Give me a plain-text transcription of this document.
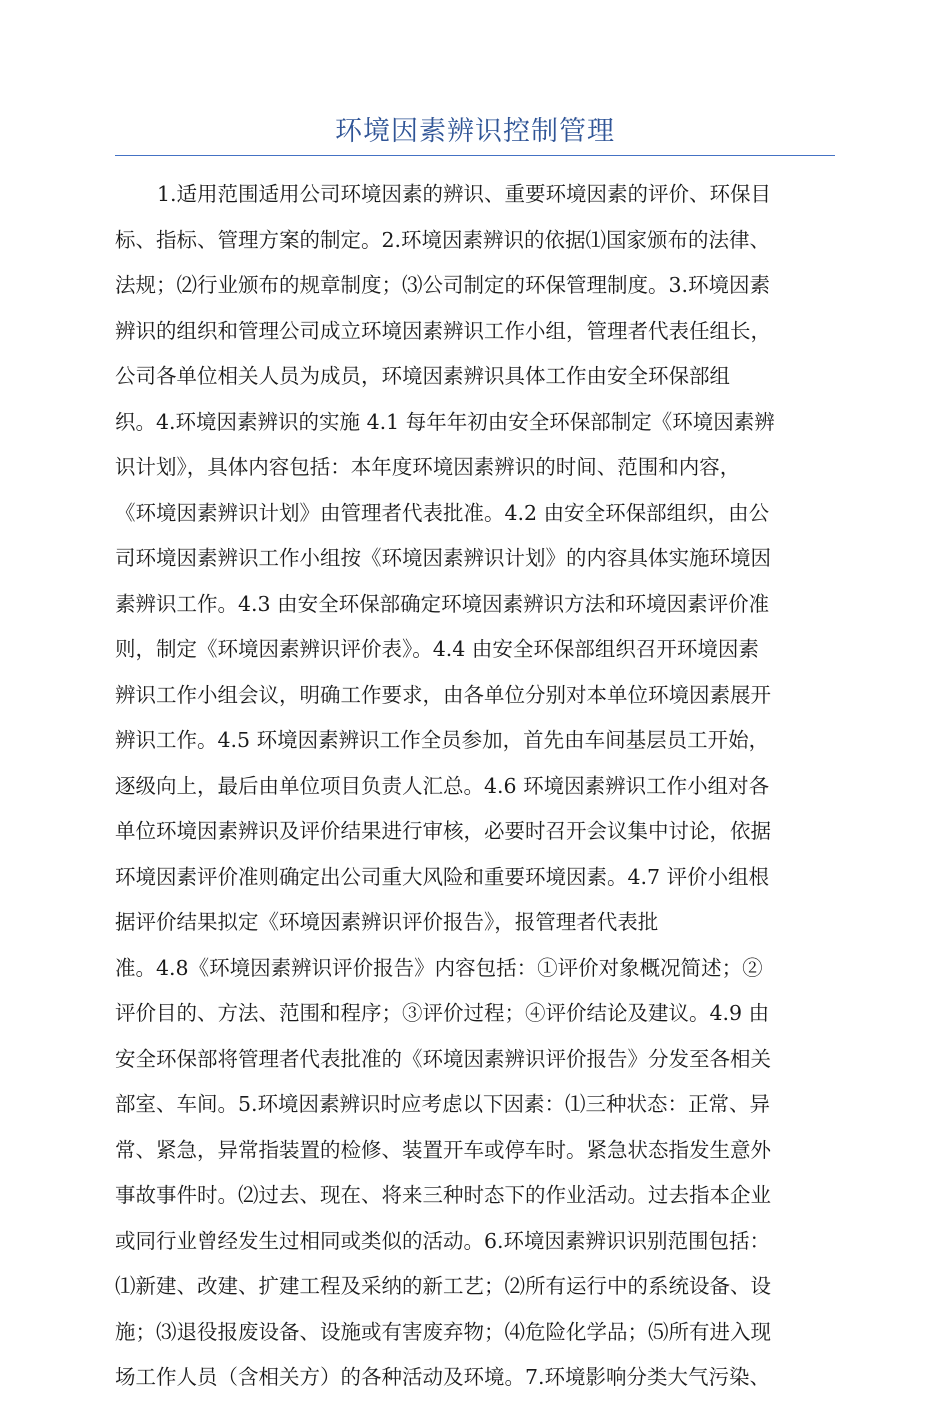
环境因素辨识控制管理
1.适用范围适用公司环境因素的辨识、重要环境因素的评价、环保目
标、指标、管理方案的制定。2.环境因素辨识的依据⑴国家颁布的法律、
法规；⑵行业颁布的规章制度；⑶公司制定的环保管理制度。3.环境因素
辨识的组织和管理公司成立环境因素辨识工作小组，管理者代表任组长，
公司各单位相关人员为成员，环境因素辨识具体工作由安全环保部组
织。4.环境因素辨识的实施 4.1 每年年初由安全环保部制定《环境因素辨
识计划》，具体内容包括：本年度环境因素辨识的时间、范围和内容，
《环境因素辨识计划》由管理者代表批准。4.2 由安全环保部组织，由公
司环境因素辨识工作小组按《环境因素辨识计划》的内容具体实施环境因
素辨识工作。4.3 由安全环保部确定环境因素辨识方法和环境因素评价准
则，制定《环境因素辨识评价表》。4.4 由安全环保部组织召开环境因素
辨识工作小组会议，明确工作要求，由各单位分别对本单位环境因素展开
辨识工作。4.5 环境因素辨识工作全员参加，首先由车间基层员工开始，
逐级向上，最后由单位项目负责人汇总。4.6 环境因素辨识工作小组对各
单位环境因素辨识及评价结果进行审核，必要时召开会议集中讨论，依据
环境因素评价准则确定出公司重大风险和重要环境因素。4.7 评价小组根
据评价结果拟定《环境因素辨识评价报告》，报管理者代表批
准。4.8《环境因素辨识评价报告》内容包括：①评价对象概况简述；②
评价目的、方法、范围和程序；③评价过程；④评价结论及建议。4.9 由
安全环保部将管理者代表批准的《环境因素辨识评价报告》分发至各相关
部室、车间。5.环境因素辨识时应考虑以下因素：⑴三种状态：正常、异
常、紧急，异常指装置的检修、装置开车或停车时。紧急状态指发生意外
事故事件时。⑵过去、现在、将来三种时态下的作业活动。过去指本企业
或同行业曾经发生过相同或类似的活动。6.环境因素辨识识别范围包括：
⑴新建、改建、扩建工程及采纳的新工艺；⑵所有运行中的系统设备、设
施；⑶退役报废设备、设施或有害废弃物；⑷危险化学品；⑸所有进入现
场工作人员（含相关方）的各种活动及环境。7.环境影响分类大气污染、
